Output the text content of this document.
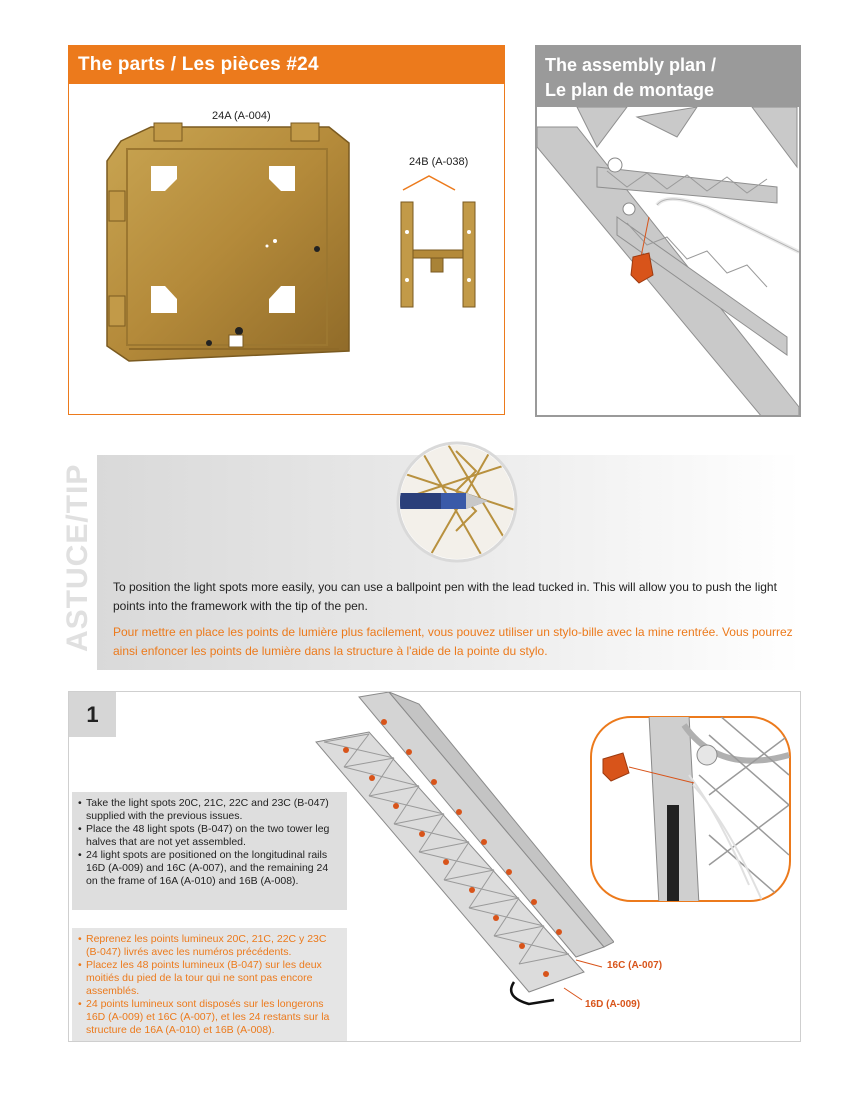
The parts / Les pièces #24
24A (A-004)
24B (A-038)
The assembly plan /
Le plan de montage
ASTUCE/TIP To position the light spots more easily, you can use a ballpoint pen with the lead tucked in. This will allow you to push the light points into the framework with the tip of the pen.
Pour mettre en place les points de lumière plus facilement, vous pouvez utiliser un stylo-bille avec la mine rentrée. Vous pourrez ainsi enfoncer les points de lumière dans la structure à l'aide de la pointe du stylo.
1
• Take the light spots 20C, 21C, 22C and 23C (B-047) supplied with the previous issues.
• Place the 48 light spots (B-047) on the two tower leg halves that are not yet assembled.
• 24 light spots are positioned on the longitudinal rails 16D (A-009) and 16C (A-007), and the remaining 24 on the frame of 16A (A-010) and 16B (A-008).
• Reprenez les points lumineux 20C, 21C, 22C y 23C (B-047) livrés avec les numéros précédents.
• Placez les 48 points lumineux (B-047) sur les deux moitiés du pied de la tour qui ne sont pas encore assemblés.
• 24 points lumineux sont disposés sur les longerons 16D (A-009) et 16C (A-007), et les 24 restants sur la structure de 16A (A-010) et 16B (A-008).
16C (A-007)
16D (A-009)
